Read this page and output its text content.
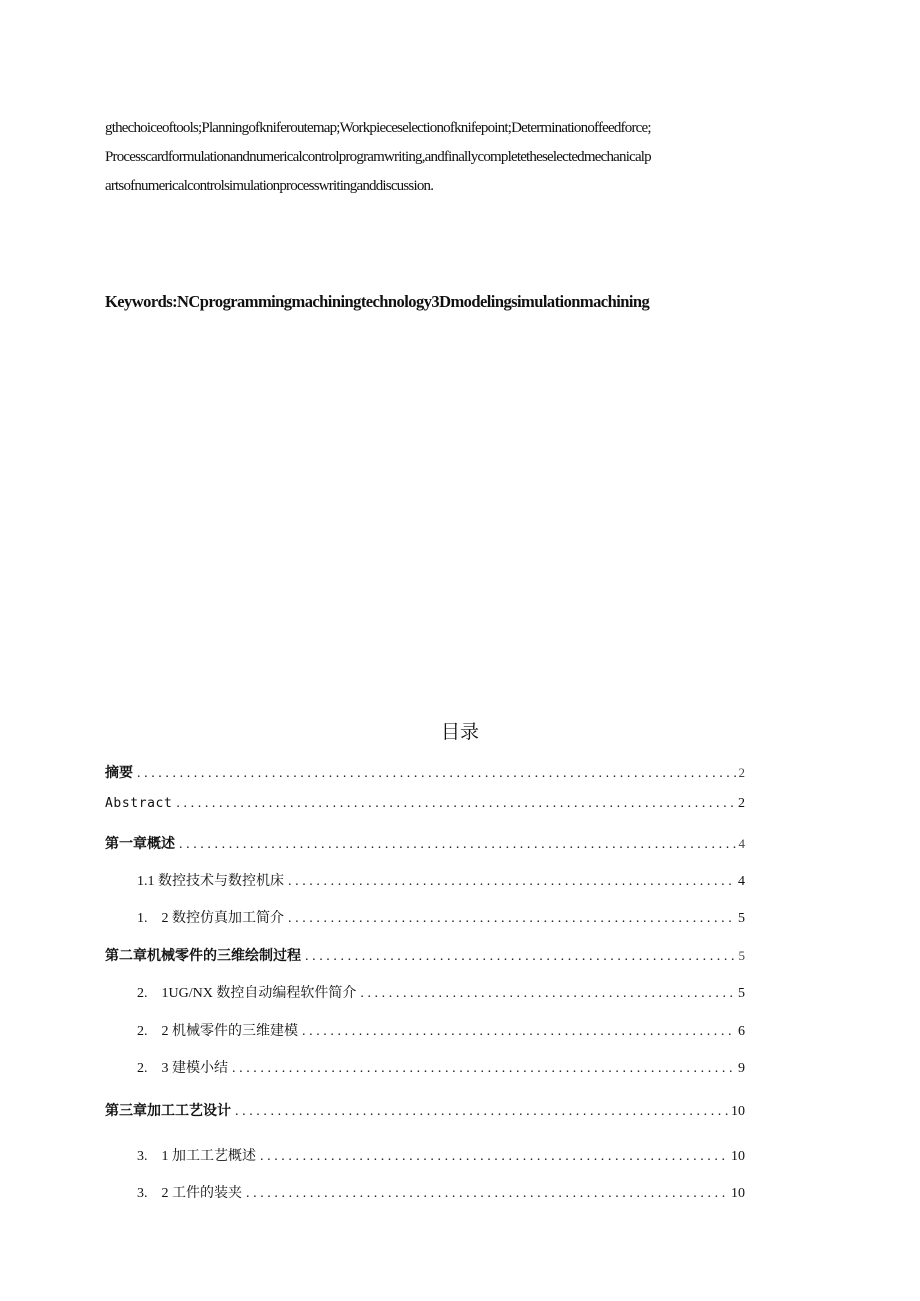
gthechoiceoftools;Planningofkniferoutemap;Workpieceselectionofknifepoint;Determinationoffeedforce;
Processcardformulationandnumericalcontrolprogramwriting,andfinallycompletetheselectedmechanicalp
artsofnumericalcontrolsimulationprocesswritinganddiscussion.
Keywords:NCprogrammingmachiningtechnology3Dmodelingsimulationmachining
目录
摘要 .....	2
Abstract .....	2
第一章概述 .....	4
1.1 数控技术与数控机床 .....	4
1.　2 数控仿真加工简介 .....	5
第二章机械零件的三维绘制过程 .....	5
2.　1UG/NX 数控自动编程软件简介 .....	5
2.　2 机械零件的三维建模 .....	6
2.　3 建模小结 .....	9
第三章加工工艺设计 .....	10
3.　1 加工工艺概述 .....	10
3.　2 工件的装夹 .....	10
